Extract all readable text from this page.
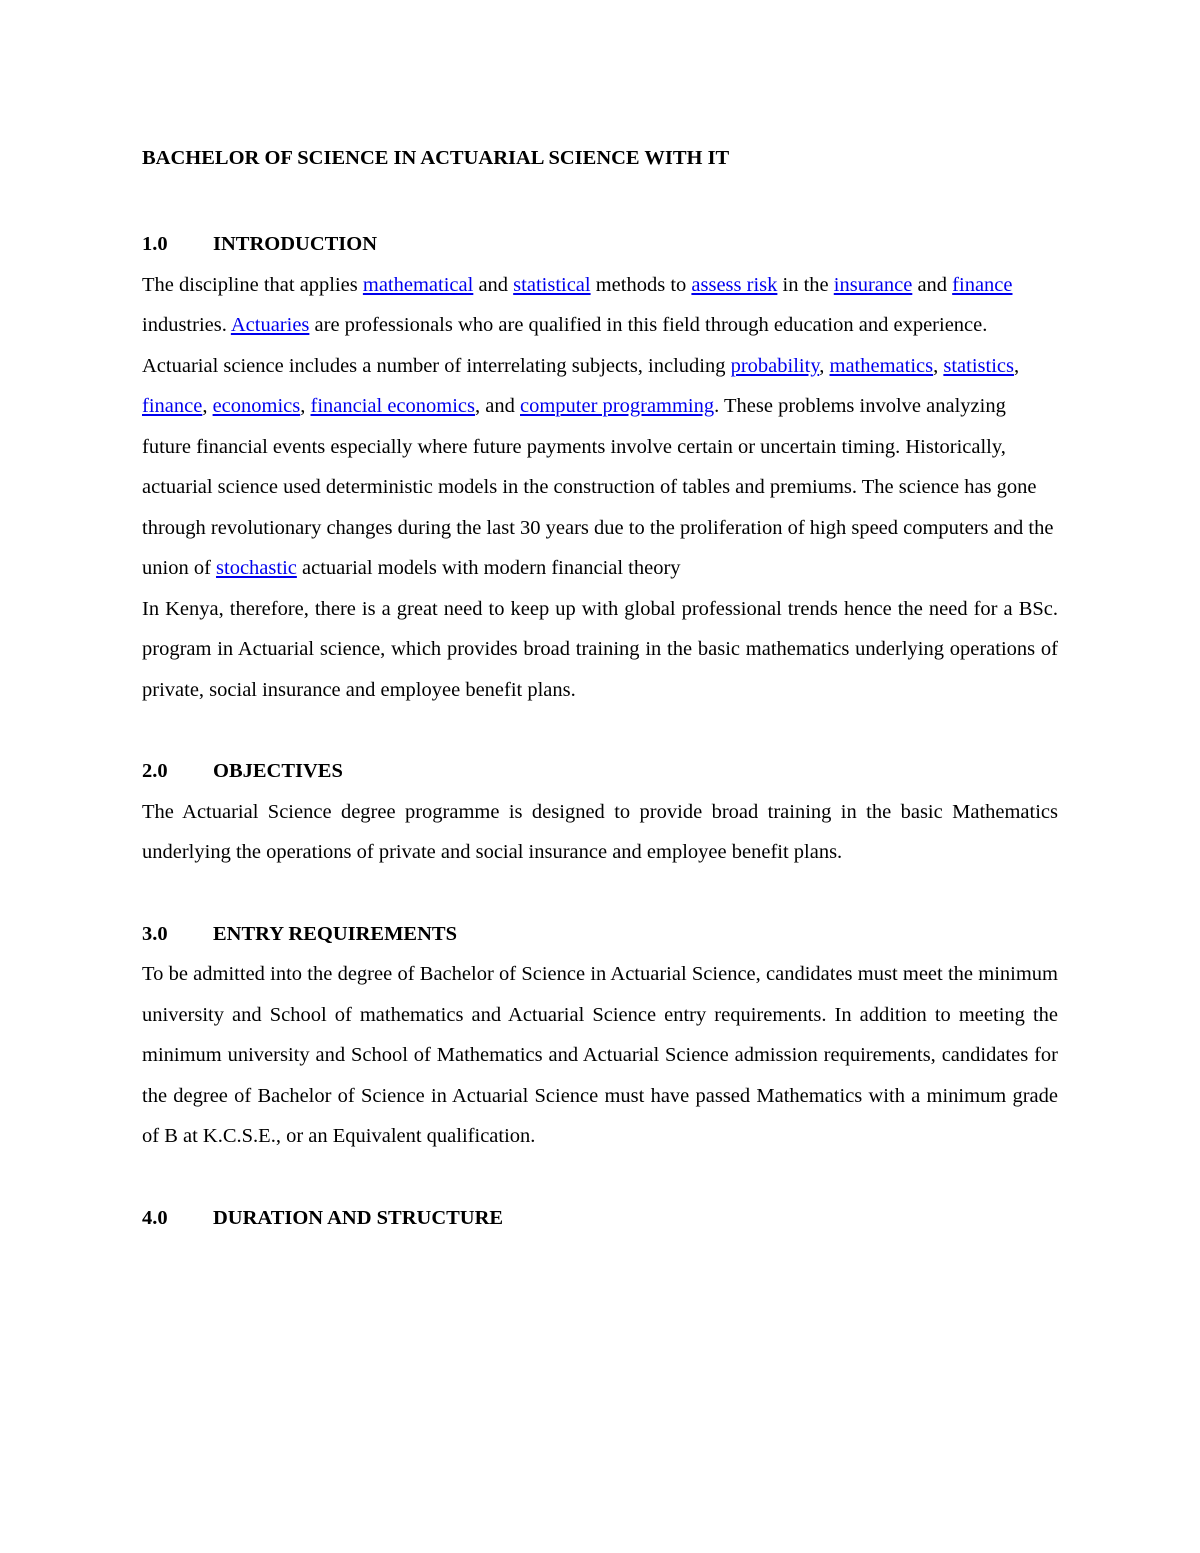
BACHELOR OF SCIENCE IN ACTUARIAL SCIENCE WITH IT
1.0	INTRODUCTION

The discipline that applies mathematical and statistical methods to assess risk in the insurance and finance industries. Actuaries are professionals who are qualified in this field through education and experience.

Actuarial science includes a number of interrelating subjects, including probability, mathematics, statistics, finance, economics, financial economics, and computer programming. These problems involve analyzing future financial events especially where future payments involve certain or uncertain timing. Historically, actuarial science used deterministic models in the construction of tables and premiums. The science has gone through revolutionary changes during the last 30 years due to the proliferation of high speed computers and the union of stochastic actuarial models with modern financial theory

In Kenya, therefore, there is a great need to keep up with global professional trends hence the need for a BSc. program in Actuarial science, which provides broad training in the basic mathematics underlying operations of private, social insurance and employee benefit plans.

2.0	OBJECTIVES

The Actuarial Science degree programme is designed to provide broad training in the basic Mathematics underlying the operations of private and social insurance and employee benefit plans.

3.0	ENTRY REQUIREMENTS

To be admitted into the degree of Bachelor of Science in Actuarial Science, candidates must meet the minimum university and School of mathematics and Actuarial Science entry requirements. In addition to meeting the minimum university and School of Mathematics and Actuarial Science admission requirements, candidates for the degree of Bachelor of Science in Actuarial Science must have passed Mathematics with a minimum grade of B at K.C.S.E., or an Equivalent qualification.

4.0	DURATION AND STRUCTURE
